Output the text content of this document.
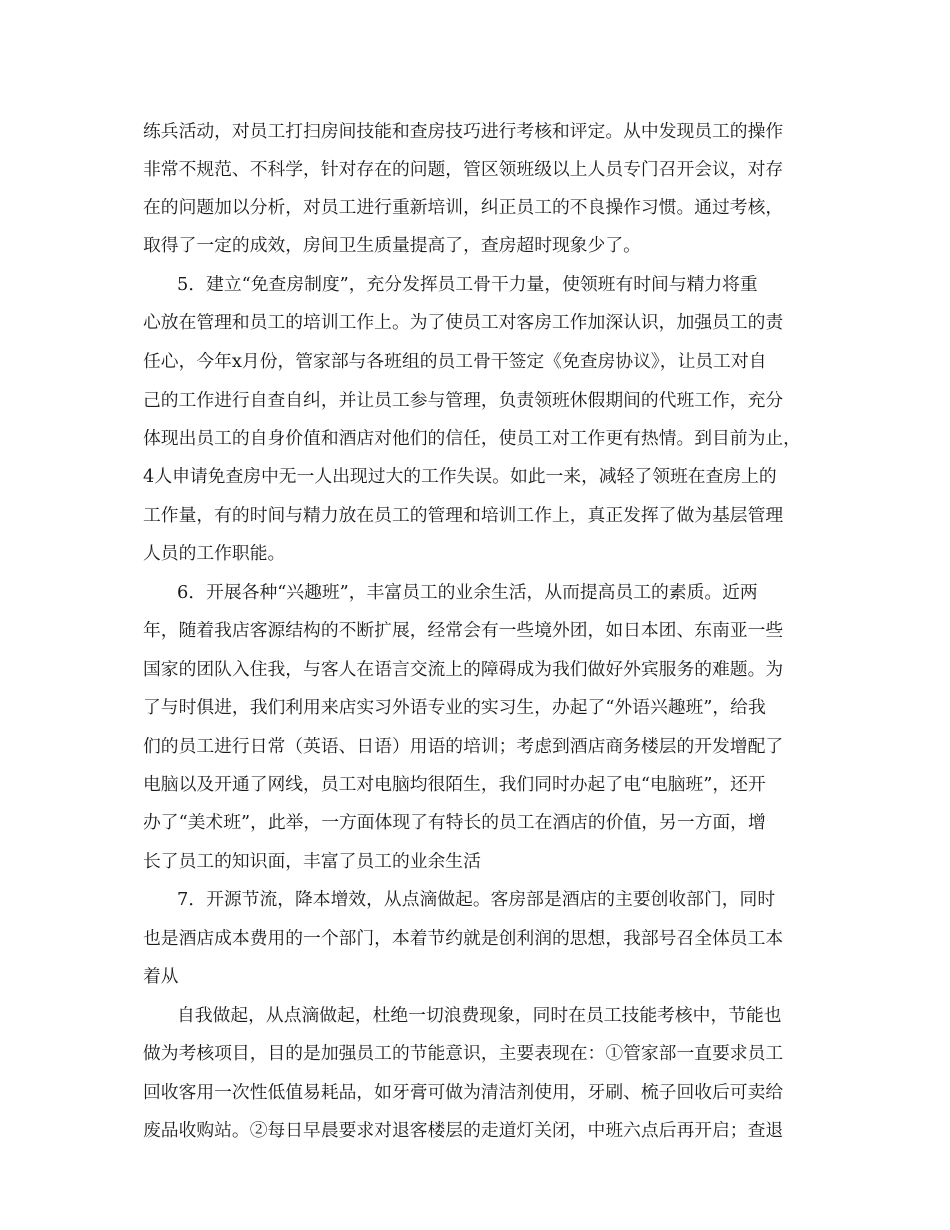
练兵活动，对员工打扫房间技能和查房技巧进行考核和评定。从中发现员工的操作

非常不规范、不科学，针对存在的问题，管区领班级以上人员专门召开会议，对存

在的问题加以分析，对员工进行重新培训，纠正员工的不良操作习惯。通过考核，

取得了一定的成效，房间卫生质量提高了，查房超时现象少了。

5．建立“免查房制度”，充分发挥员工骨干力量，使领班有时间与精力将重

心放在管理和员工的培训工作上。为了使员工对客房工作加深认识，加强员工的责

任心，今年x月份，管家部与各班组的员工骨干签定《免查房协议》，让员工对自

己的工作进行自查自纠，并让员工参与管理，负责领班休假期间的代班工作，充分

体现出员工的自身价值和酒店对他们的信任，使员工对工作更有热情。到目前为止，

4人申请免查房中无一人出现过大的工作失误。如此一来，减轻了领班在查房上的

工作量，有的时间与精力放在员工的管理和培训工作上，真正发挥了做为基层管理

人员的工作职能。

6．开展各种“兴趣班”，丰富员工的业余生活，从而提高员工的素质。近两

年，随着我店客源结构的不断扩展，经常会有一些境外团，如日本团、东南亚一些

国家的团队入住我，与客人在语言交流上的障碍成为我们做好外宾服务的难题。为

了与时俱进，我们利用来店实习外语专业的实习生，办起了“外语兴趣班”，给我

们的员工进行日常（英语、日语）用语的培训；考虑到酒店商务楼层的开发增配了

电脑以及开通了网线，员工对电脑均很陌生，我们同时办起了电“电脑班”，还开

办了“美术班”，此举，一方面体现了有特长的员工在酒店的价值，另一方面，增

长了员工的知识面，丰富了员工的业余生活

7．开源节流，降本增效，从点滴做起。客房部是酒店的主要创收部门，同时

也是酒店成本费用的一个部门，本着节约就是创利润的思想，我部号召全体员工本

着从

自我做起，从点滴做起，杜绝一切浪费现象，同时在员工技能考核中，节能也

做为考核项目，目的是加强员工的节能意识，主要表现在：①管家部一直要求员工

回收客用一次性低值易耗品，如牙膏可做为清洁剂使用，牙刷、梳子回收后可卖给

废品收购站。②每日早晨要求对退客楼层的走道灯关闭，中班六点后再开启；查退
